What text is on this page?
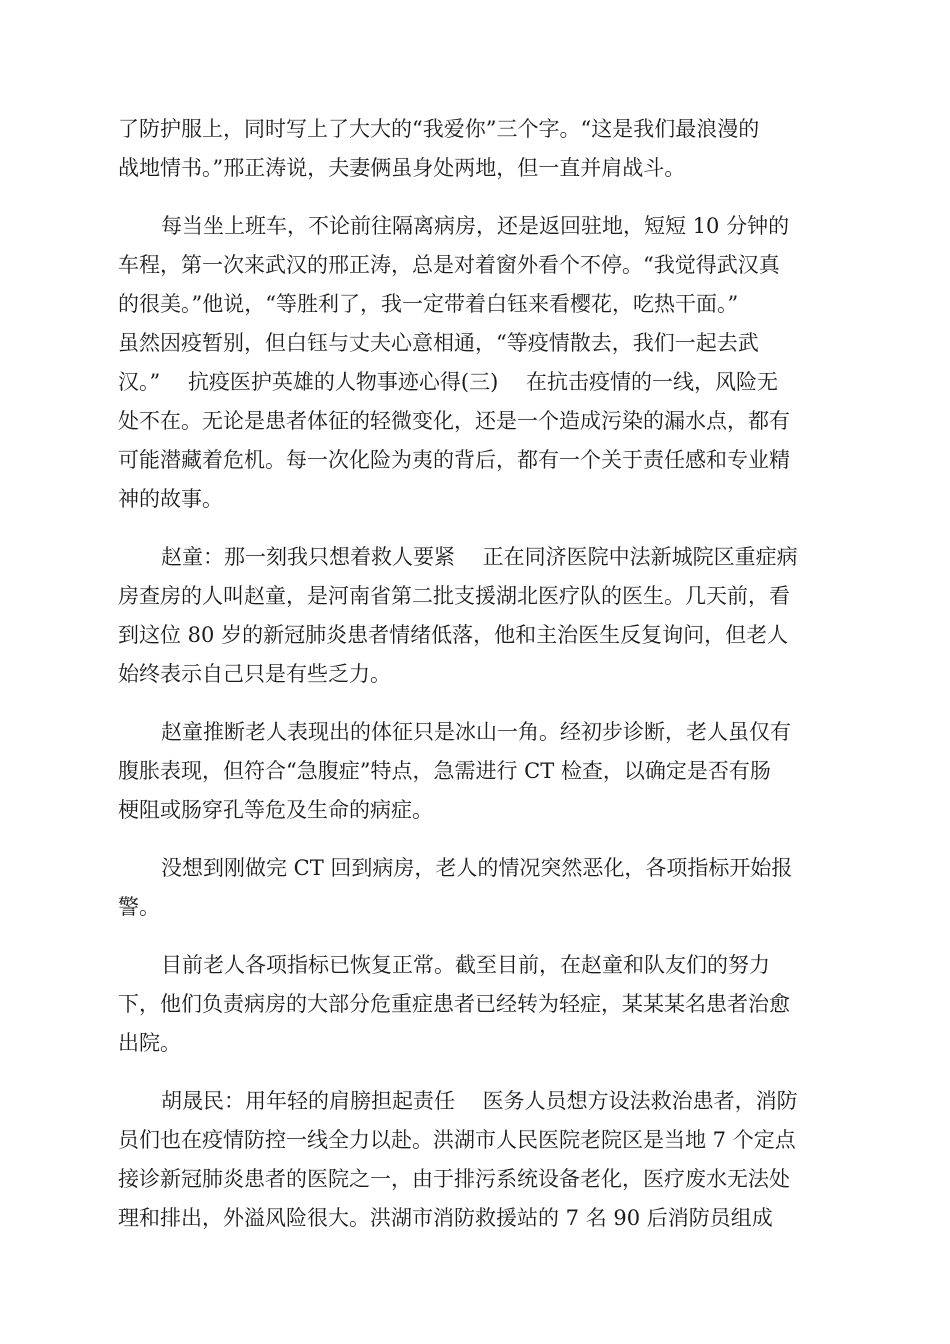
了防护服上，同时写上了大大的“我爱你”三个字。“这是我们最浪漫的
战地情书。”邢正涛说，夫妻俩虽身处两地，但一直并肩战斗。
每当坐上班车，不论前往隔离病房，还是返回驻地，短短 10 分钟的
车程，第一次来武汉的邢正涛，总是对着窗外看个不停。“我觉得武汉真
的很美。”他说，“等胜利了，我一定带着白钰来看樱花，吃热干面。”
虽然因疫暂别，但白钰与丈夫心意相通，“等疫情散去，我们一起去武
汉。”　 抗疫医护英雄的人物事迹心得(三)　 在抗击疫情的一线，风险无
处不在。无论是患者体征的轻微变化，还是一个造成污染的漏水点，都有
可能潜藏着危机。每一次化险为夷的背后，都有一个关于责任感和专业精
神的故事。
赵童：那一刻我只想着救人要紧　 正在同济医院中法新城院区重症病
房查房的人叫赵童，是河南省第二批支援湖北医疗队的医生。几天前，看
到这位 80 岁的新冠肺炎患者情绪低落，他和主治医生反复询问，但老人
始终表示自己只是有些乏力。
赵童推断老人表现出的体征只是冰山一角。经初步诊断，老人虽仅有
腹胀表现，但符合“急腹症”特点，急需进行 CT 检查，以确定是否有肠
梗阻或肠穿孔等危及生命的病症。
没想到刚做完 CT 回到病房，老人的情况突然恶化，各项指标开始报
警。
目前老人各项指标已恢复正常。截至目前，在赵童和队友们的努力
下，他们负责病房的大部分危重症患者已经转为轻症，某某某名患者治愈
出院。
胡晟民：用年轻的肩膀担起责任　 医务人员想方设法救治患者，消防
员们也在疫情防控一线全力以赴。洪湖市人民医院老院区是当地 7 个定点
接诊新冠肺炎患者的医院之一，由于排污系统设备老化，医疗废水无法处
理和排出，外溢风险很大。洪湖市消防救援站的 7 名 90 后消防员组成
